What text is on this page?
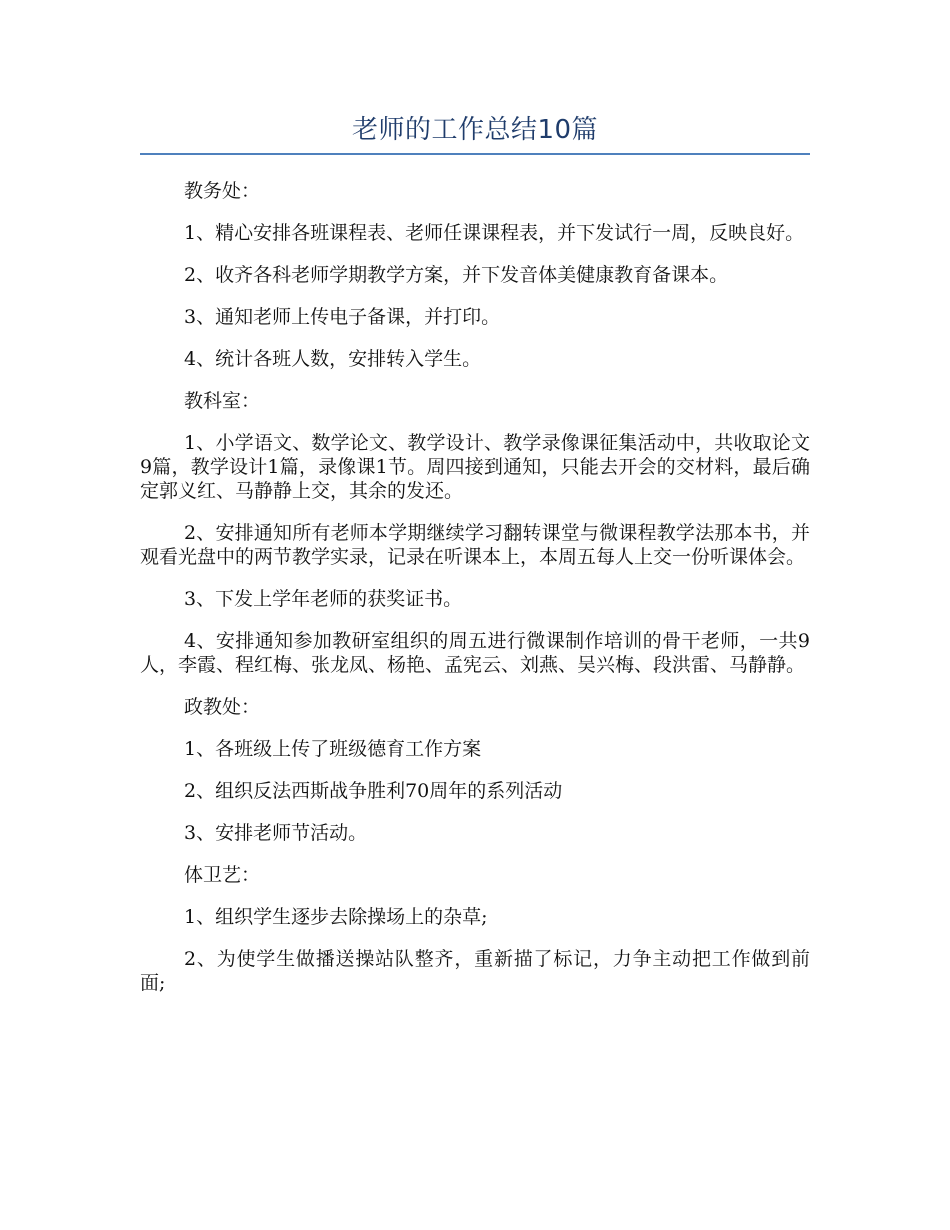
老师的工作总结10篇

教务处：

1、精心安排各班课程表、老师任课课程表，并下发试行一周，反映良好。

2、收齐各科老师学期教学方案，并下发音体美健康教育备课本。

3、通知老师上传电子备课，并打印。

4、统计各班人数，安排转入学生。

教科室：

1、小学语文、数学论文、教学设计、教学录像课征集活动中，共收取论文9篇，教学设计1篇，录像课1节。周四接到通知，只能去开会的交材料，最后确定郭义红、马静静上交，其余的发还。

2、安排通知所有老师本学期继续学习翻转课堂与微课程教学法那本书，并观看光盘中的两节教学实录，记录在听课本上，本周五每人上交一份听课体会。

3、下发上学年老师的获奖证书。

4、安排通知参加教研室组织的周五进行微课制作培训的骨干老师，一共9人，李霞、程红梅、张龙凤、杨艳、孟宪云、刘燕、吴兴梅、段洪雷、马静静。

政教处：

1、各班级上传了班级德育工作方案

2、组织反法西斯战争胜利70周年的系列活动

3、安排老师节活动。

体卫艺：

1、组织学生逐步去除操场上的杂草;

2、为使学生做播送操站队整齐，重新描了标记，力争主动把工作做到前面;
